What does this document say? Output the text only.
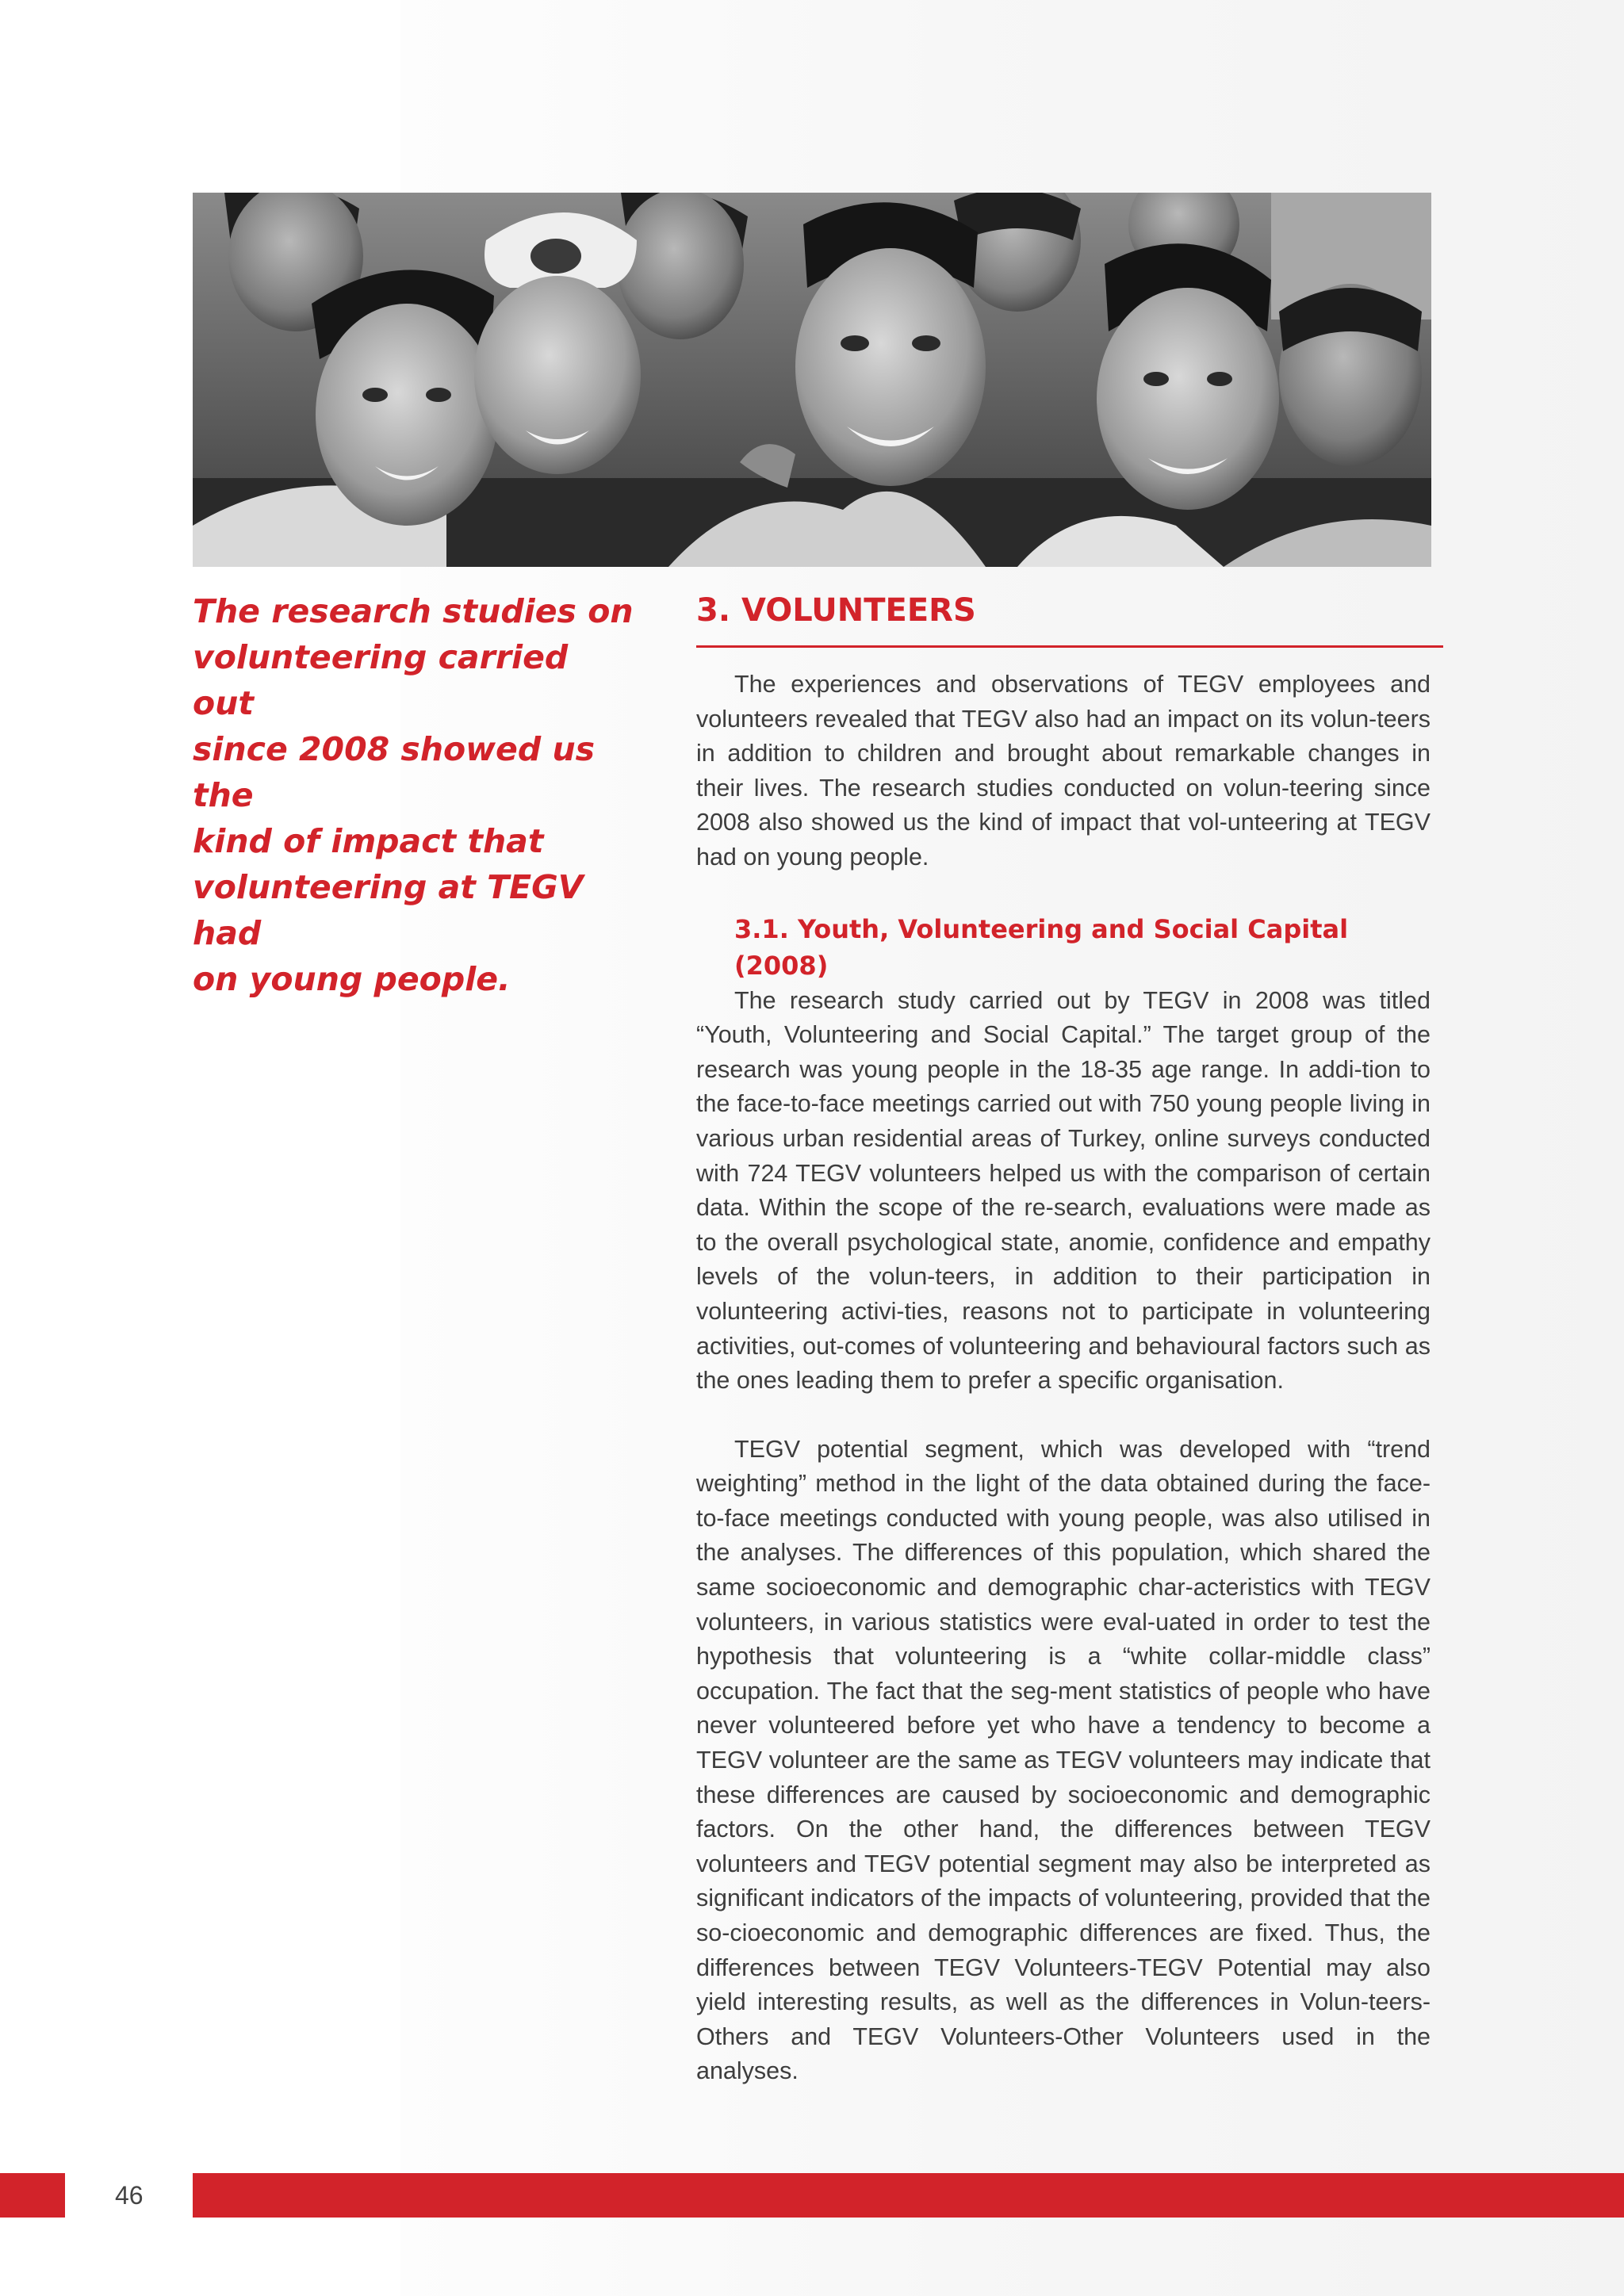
The research studies on
volunteering carried out
since 2008 showed us the
kind of impact that
volunteering at TEGV had
on young people.

3. VOLUNTEERS

The experiences and observations of TEGV employees and volunteers revealed that TEGV also had an impact on its volun-teers in addition to children and brought about remarkable changes in their lives. The research studies conducted on volun-teering since 2008 also showed us the kind of impact that vol-unteering at TEGV had on young people.

3.1. Youth, Volunteering and Social Capital (2008)

The research study carried out by TEGV in 2008 was titled “Youth, Volunteering and Social Capital.” The target group of the research was young people in the 18-35 age range. In addi-tion to the face-to-face meetings carried out with 750 young people living in various urban residential areas of Turkey, online surveys conducted with 724 TEGV volunteers helped us with the comparison of certain data. Within the scope of the re-search, evaluations were made as to the overall psychological state, anomie, confidence and empathy levels of the volun-teers, in addition to their participation in volunteering activi-ties, reasons not to participate in volunteering activities, out-comes of volunteering and behavioural factors such as the ones leading them to prefer a specific organisation.

TEGV potential segment, which was developed with “trend weighting” method in the light of the data obtained during the face-to-face meetings conducted with young people, was also utilised in the analyses. The differences of this population, which shared the same socioeconomic and demographic char-acteristics with TEGV volunteers, in various statistics were eval-uated in order to test the hypothesis that volunteering is a “white collar-middle class” occupation. The fact that the seg-ment statistics of people who have never volunteered before yet who have a tendency to become a TEGV volunteer are the same as TEGV volunteers may indicate that these differences are caused by socioeconomic and demographic factors. On the other hand, the differences between TEGV volunteers and TEGV potential segment may also be interpreted as significant indicators of the impacts of volunteering, provided that the so-cioeconomic and demographic differences are fixed. Thus, the differences between TEGV Volunteers-TEGV Potential may also yield interesting results, as well as the differences in Volun-teers-Others and TEGV Volunteers-Other Volunteers used in the analyses.

46
